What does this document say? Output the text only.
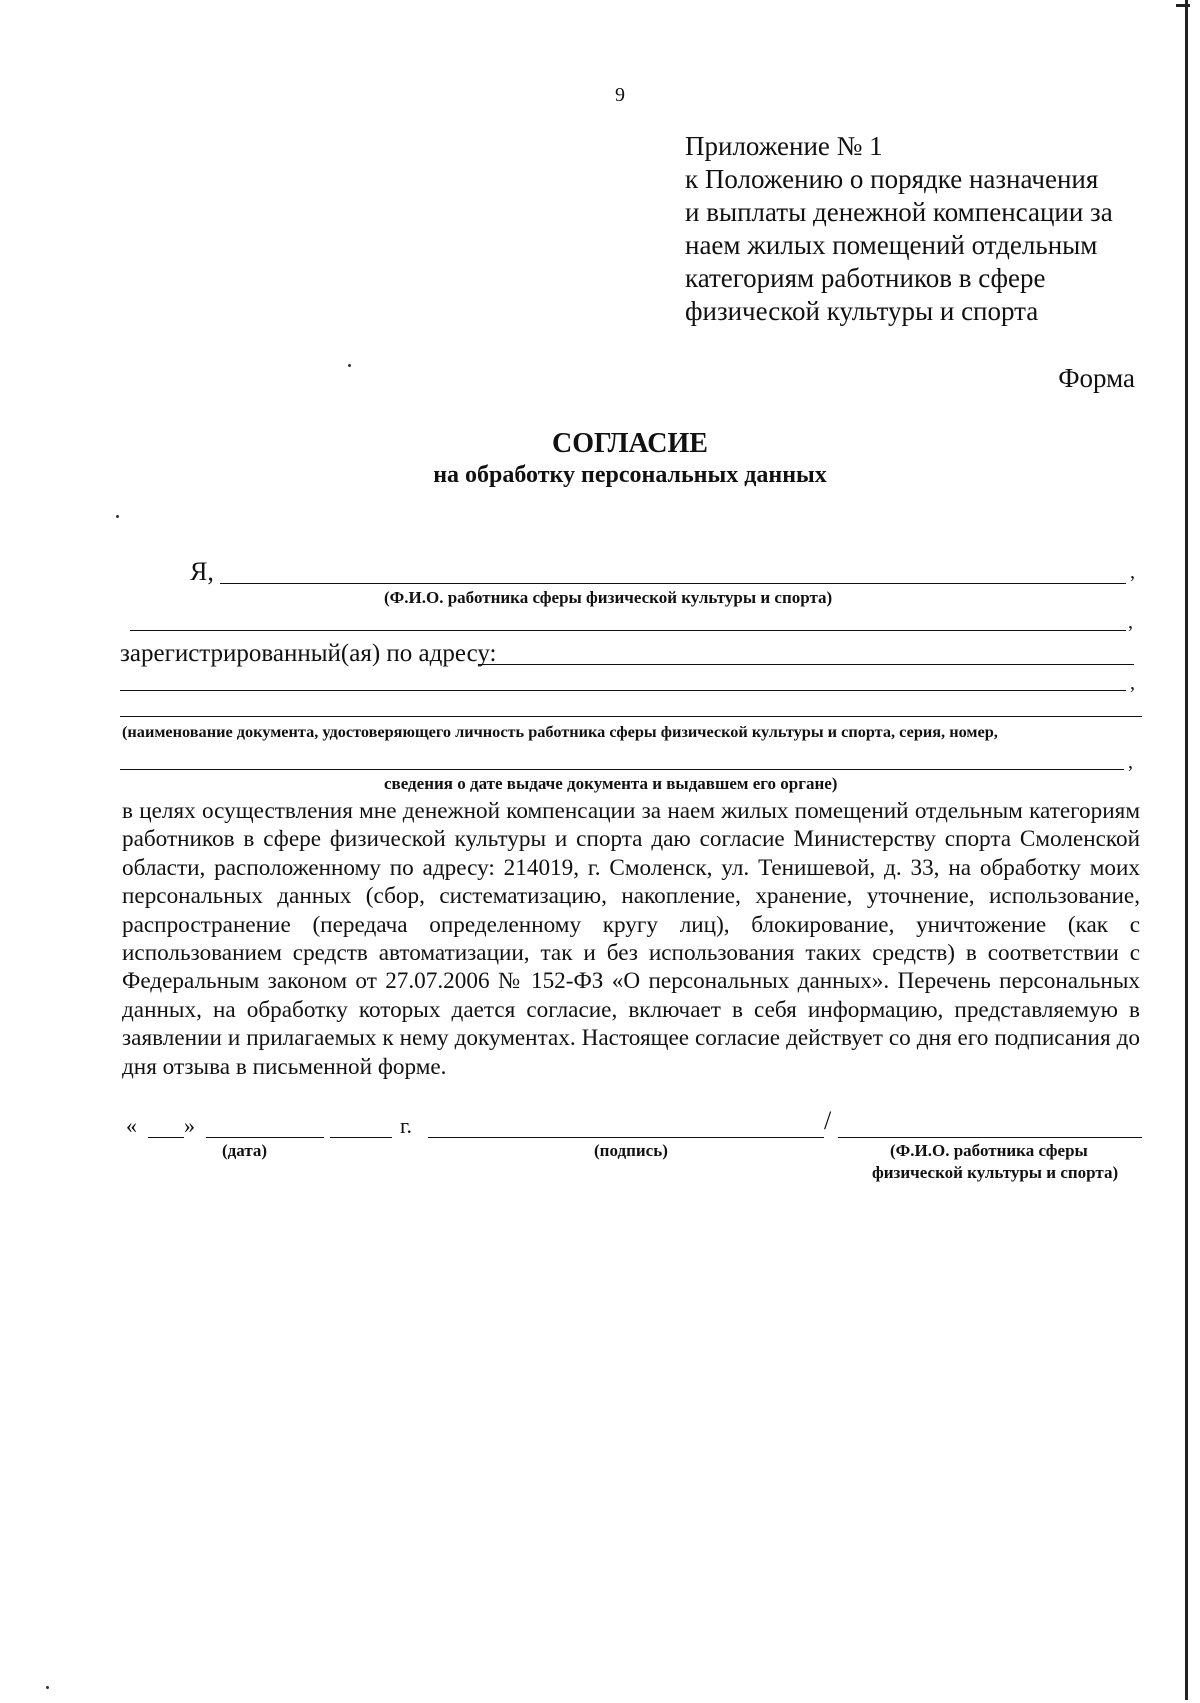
9
Приложение № 1
к Положению о порядке назначения
и выплаты денежной компенсации за
наем жилых помещений отдельным
категориям работников в сфере
физической культуры и спорта
Форма
СОГЛАСИЕ
на обработку персональных данных
Я,	,
(Ф.И.О. работника сферы физической культуры и спорта)
,
зарегистрированный(ая) по адресу:
,
(наименование документа, удостоверяющего личность работника сферы физической культуры и спорта, серия, номер,
,
сведения о дате выдаче документа и выдавшем его органе)
в целях осуществления мне денежной компенсации за наем жилых помещений отдельным категориям работников в сфере физической культуры и спорта даю согласие Министерству спорта Смоленской области, расположенному по адресу: 214019, г. Смоленск, ул. Тенишевой, д. 33, на обработку моих персональных данных (сбор, систематизацию, накопление, хранение, уточнение, использование, распространение (передача определенному кругу лиц), блокирование, уничтожение (как с использованием средств автоматизации, так и без использования таких средств) в соответствии с Федеральным законом от 27.07.2006 № 152-ФЗ «О персональных данных». Перечень персональных данных, на обработку которых дается согласие, включает в себя информацию, представляемую в заявлении и прилагаемых к нему документах. Настоящее согласие действует со дня его подписания до дня отзыва в письменной форме.
« »	г.	/
(дата)	(подпись)	(Ф.И.О. работника сферы
физической культуры и спорта)
